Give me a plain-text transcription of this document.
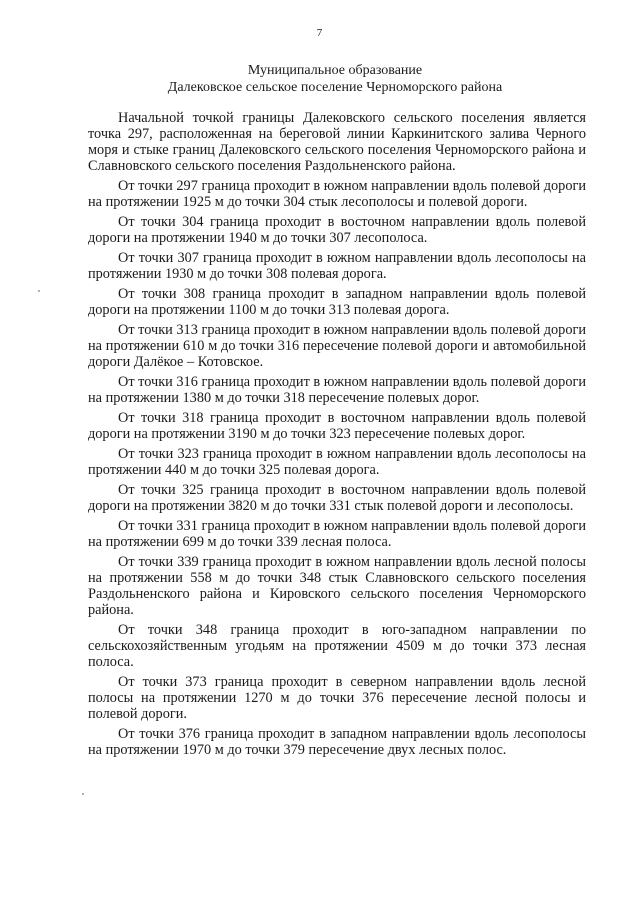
7
Муниципальное образование
Далековское сельское поселение Черноморского района

Начальной точкой границы Далековского сельского поселения является точка 297, расположенная на береговой линии Каркинитского залива Черного моря и стыке границ Далековского сельского поселения Черноморского района и Славновского сельского поселения Раздольненского района.

От точки 297 граница проходит в южном направлении вдоль полевой дороги на протяжении 1925 м до точки 304 стык лесополосы и полевой дороги.

От точки 304 граница проходит в восточном направлении вдоль полевой дороги на протяжении 1940 м до точки 307 лесополоса.

От точки 307 граница проходит в южном направлении вдоль лесополосы на протяжении 1930 м до точки 308 полевая дорога.

От точки 308 граница проходит в западном направлении вдоль полевой дороги на протяжении 1100 м до точки 313 полевая дорога.

От точки 313 граница проходит в южном направлении вдоль полевой дороги на протяжении 610 м до точки 316 пересечение полевой дороги и автомобильной дороги Далёкое – Котовское.

От точки 316 граница проходит в южном направлении вдоль полевой дороги на протяжении 1380 м до точки 318 пересечение полевых дорог.

От точки 318 граница проходит в восточном направлении вдоль полевой дороги на протяжении 3190 м до точки 323 пересечение полевых дорог.

От точки 323 граница проходит в южном направлении вдоль лесополосы на протяжении 440 м до точки 325 полевая дорога.

От точки 325 граница проходит в восточном направлении вдоль полевой дороги на протяжении 3820 м до точки 331 стык полевой дороги и лесополосы.

От точки 331 граница проходит в южном направлении вдоль полевой дороги на протяжении 699 м до точки 339 лесная полоса.

От точки 339 граница проходит в южном направлении вдоль лесной полосы на протяжении 558 м до точки 348 стык Славновского сельского поселения Раздольненского района и Кировского сельского поселения Черноморского района.

От точки 348 граница проходит в юго-западном направлении по сельскохозяйственным угодьям на протяжении 4509 м до точки 373 лесная полоса.

От точки 373 граница проходит в северном направлении вдоль лесной полосы на протяжении 1270 м до точки 376 пересечение лесной полосы и полевой дороги.

От точки 376 граница проходит в западном направлении вдоль лесополосы на протяжении 1970 м до точки 379 пересечение двух лесных полос.
